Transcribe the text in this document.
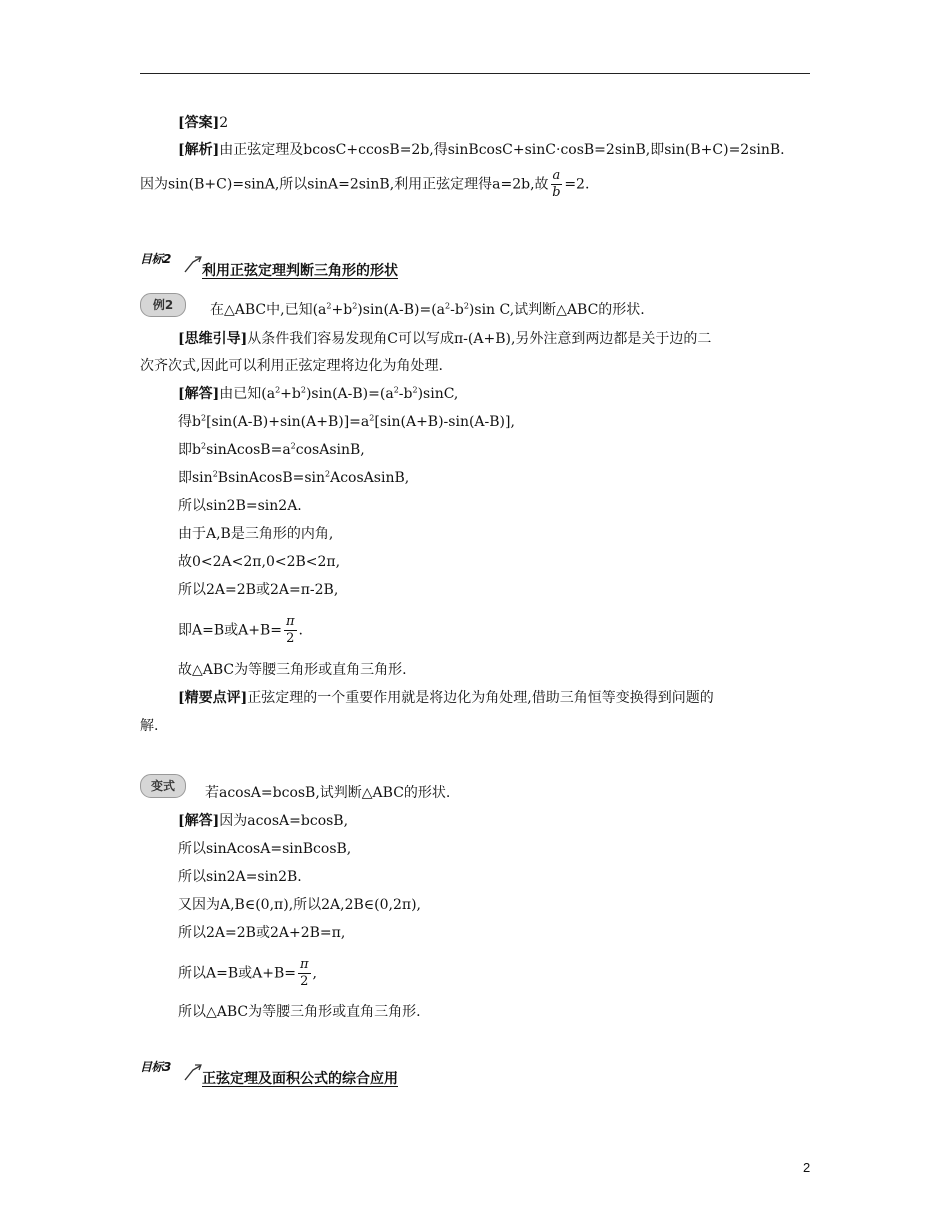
[答案]2
[解析]由正弦定理及bcosC+ccosB=2b,得sinBcosC+sinC·cosB=2sinB,即sin(B+C)=2sinB.
因为sin(B+C)=sinA,所以sinA=2sinB,利用正弦定理得a=2b,故 $\frac{a}{b} =2$.
目标2
利用正弦定理判断三角形的形状
例2	在△ABC中,已知$(a^2+b^2)\sin(A-B)=(a^2-b^2)\sin$ C,试判断△ABC的形状.
[思维引导]从条件我们容易发现角C可以写成π-(A+B),另外注意到两边都是关于边的二
次齐次式,因此可以利用正弦定理将边化为角处理.
[解答]由已知$(a^2+b^2)\sin(A-B)=(a^2-b^2)\sin C$,
得$b^2[\sin(A-B)+\sin(A+B)]=a^2[\sin(A+B)-\sin(A-B)]$,
即$b^2sinAcosB=a^2cosAsinB$,
即$\sin^2BsinAcosB=\sin^2AcosAsinB$,
所以sin2B=sin2A.
由于A,B是三角形的内角,
故0<2A<2π,0<2B<2π,
所以2A=2B或2A=π-2B,
即A=B或$A+B= \frac{\pi}{2}$ .
故△ABC为等腰三角形或直角三角形.
[精要点评]正弦定理的一个重要作用就是将边化为角处理,借助三角恒等变换得到问题的
解.
变式	若acosA=bcosB,试判断△ABC的形状.
[解答]因为acosA=bcosB,
所以sinAcosA=sinBcosB,
所以sin2A=sin2B.
又因为A,B∈(0,π),所以2A,2B∈(0,2π),
所以2A=2B或2A+2B=π,
所以A=B或$A+B= \frac{\pi}{2}$ ,
所以△ABC为等腰三角形或直角三角形.
目标3
正弦定理及面积公式的综合应用
2
